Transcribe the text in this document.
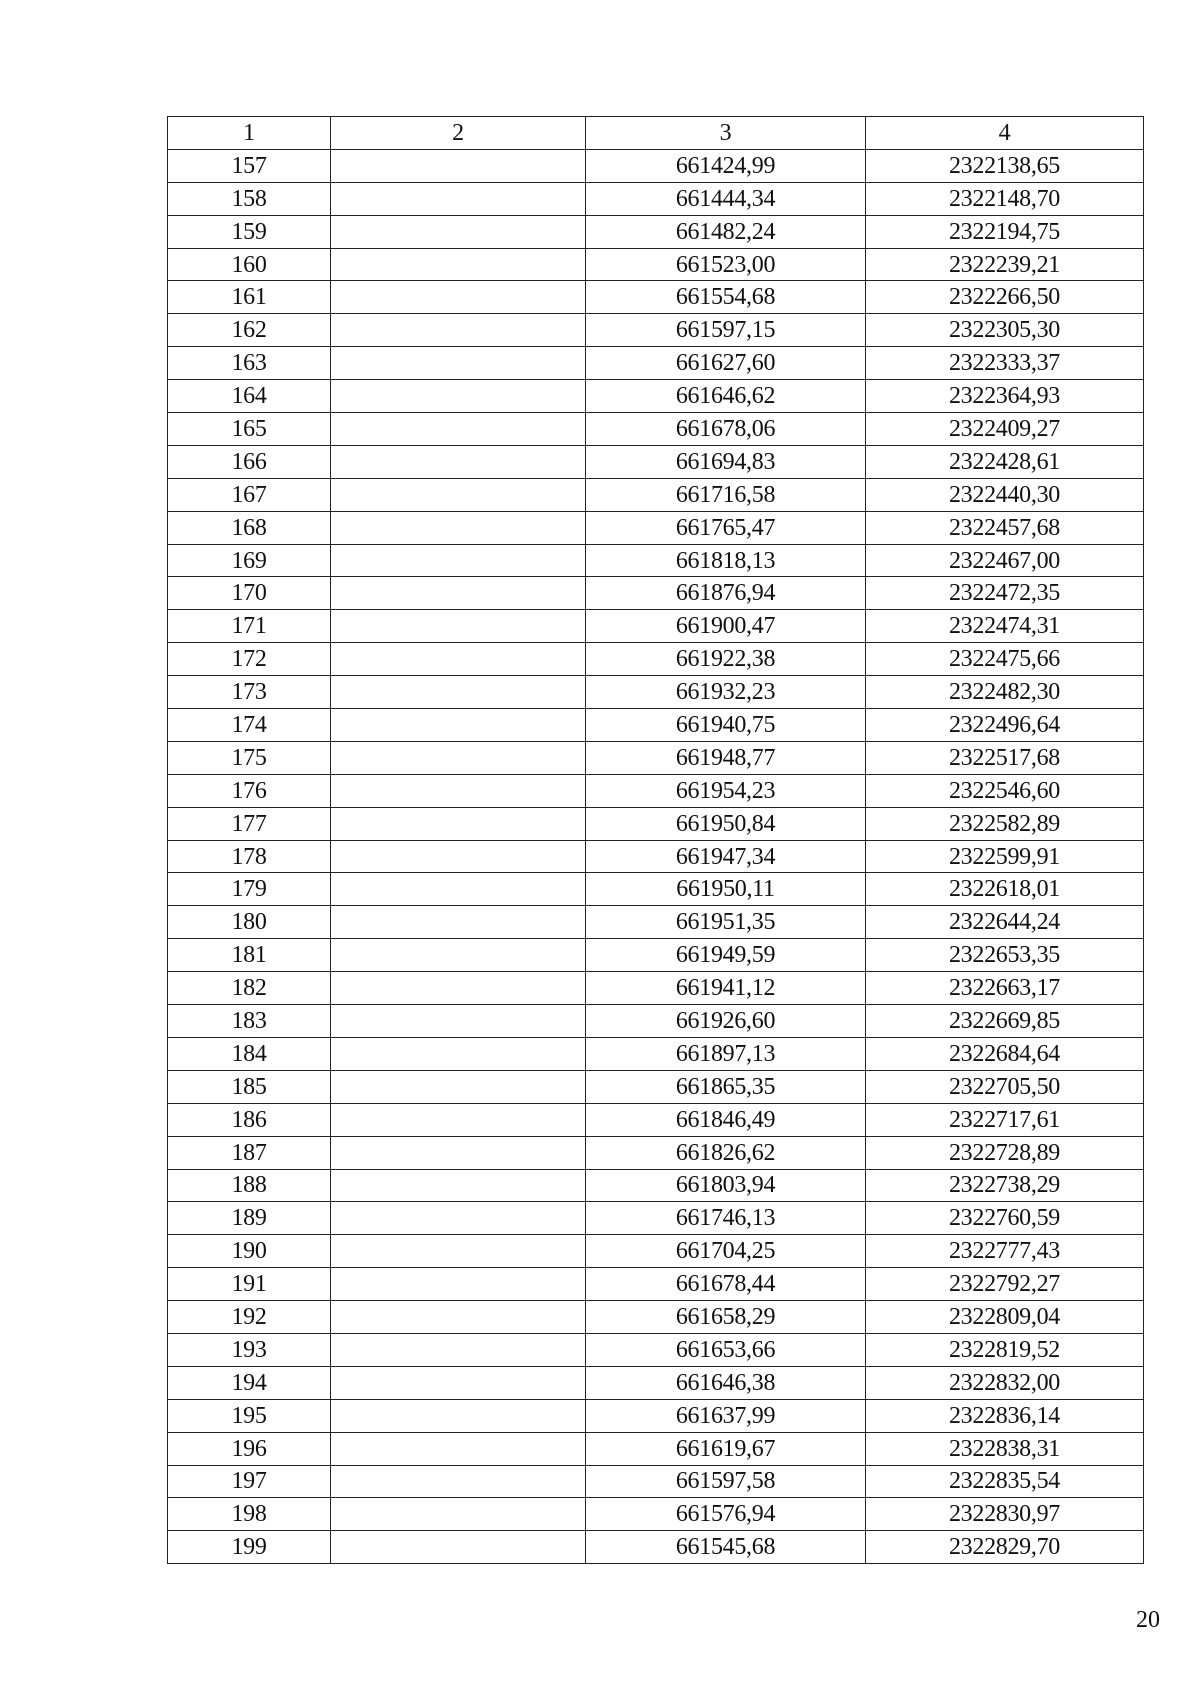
1	2	3	4
157		661424,99	2322138,65
158		661444,34	2322148,70
159		661482,24	2322194,75
160		661523,00	2322239,21
161		661554,68	2322266,50
162		661597,15	2322305,30
163		661627,60	2322333,37
164		661646,62	2322364,93
165		661678,06	2322409,27
166		661694,83	2322428,61
167		661716,58	2322440,30
168		661765,47	2322457,68
169		661818,13	2322467,00
170		661876,94	2322472,35
171		661900,47	2322474,31
172		661922,38	2322475,66
173		661932,23	2322482,30
174		661940,75	2322496,64
175		661948,77	2322517,68
176		661954,23	2322546,60
177		661950,84	2322582,89
178		661947,34	2322599,91
179		661950,11	2322618,01
180		661951,35	2322644,24
181		661949,59	2322653,35
182		661941,12	2322663,17
183		661926,60	2322669,85
184		661897,13	2322684,64
185		661865,35	2322705,50
186		661846,49	2322717,61
187		661826,62	2322728,89
188		661803,94	2322738,29
189		661746,13	2322760,59
190		661704,25	2322777,43
191		661678,44	2322792,27
192		661658,29	2322809,04
193		661653,66	2322819,52
194		661646,38	2322832,00
195		661637,99	2322836,14
196		661619,67	2322838,31
197		661597,58	2322835,54
198		661576,94	2322830,97
199		661545,68	2322829,70
20
